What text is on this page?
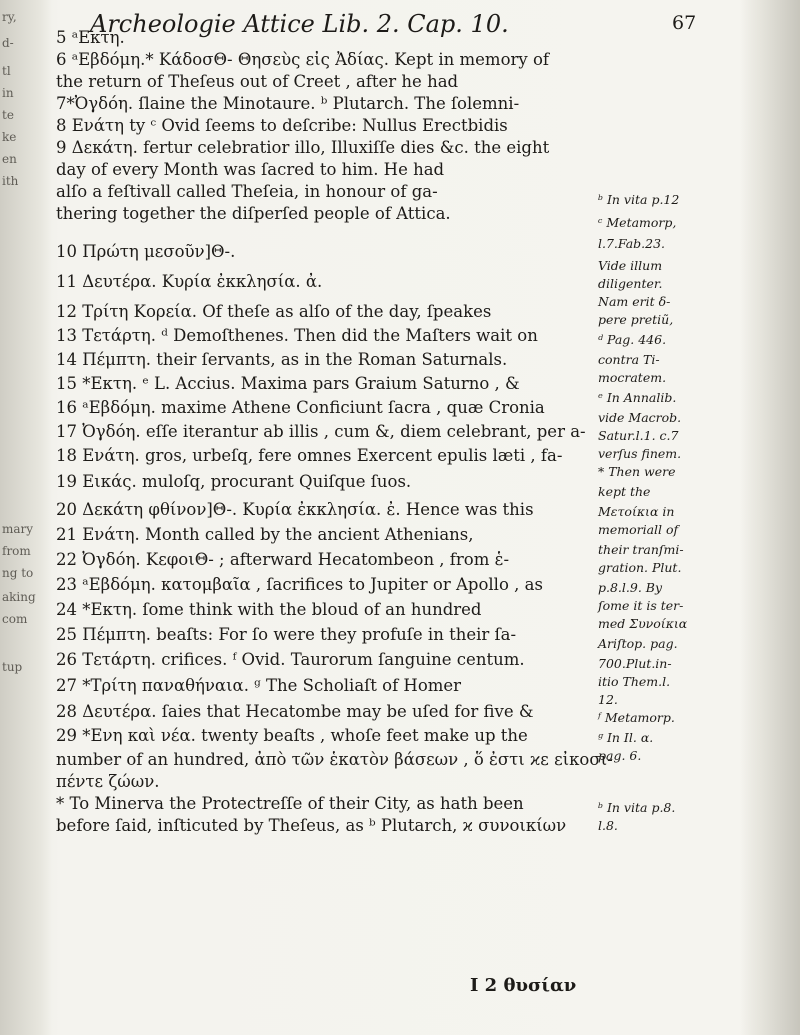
ry,
d-
tl
in
te
ke
en
ith
mary
from
ng to
aking
com
tup
Archeologie Attice Lib. 2. Cap. 10.	67
5 ᵃΕκτη.
6 ᵃΕβδόμη.* Κάδοσ⁠Θ- Θησεὺς εἰς Ἀδίας. Kept in memory of
the return of Theſeus out of Creet , after he had
7*Ὀγδόη. ſlaine the Minotaure. ᵇ Plutarch. The ſolemni-
8 Ενάτη ty ᶜ Ovid ſeems to deſcribe: Nullus Erectbidis
9 Δεκάτη. fertur celebratior illo, Illuxiſſe dies &c. the eight
day of every Month was ſacred to him. He had
alſo a feſtivall called Theſeia, in honour of ga-
thering together the diſperſed people of Attica.
10 Πρώτη μεσοῦν]Θ-.
11 Δ⁠ευτέρα. Κυρία ἐκκλησία. ἀ.
12 Τρίτη Κορεία. Of theſe as alſo of the day, ſpeakes
13 Τετάρτη. ᵈ Demoſthenes. Then did the Maſters wait on
14 Πέμπτη. their ſervants, as in the Roman Saturnals.
15 *Εκτη. ᵉ L. Accius. Maxima pars Graium Saturno , &
16 ᵃΕβδόμη. maxime Athene Conficiunt ſacra , quæ Cronia
17 Ὀγδόη. eſſe iterantur ab illis , cum &, diem celebrant, per a-
18 Ενάτη. gros, urbeſq, fere omnes Exercent epulis læti , fa-
19 Εικάς. muloſq, procurant Quiſque ſuos.
20 Δεκάτη φθίνον]Θ-. Κυρία ἐκκλησία. ἐ. Hence was this
21 Ενάτη. Month called by the ancient Athenians,
22 Ὀγδόη. Κεφοι⁠Θ- ; afterward Hecatombeon , from ἑ-
23 ᵃΕβδόμη. κατομβαῖα , ſacrifices to Jupiter or Apollo , as
24 *Εκτη. ſome think with the bloud of an hundred
25 Πέμπτη. beaſts: For ſo were they profuſe in their ſa-
26 Τετάρτη. crifices. ᶠ Ovid. Taurorum ſanguine centum.
27 *Τρίτη παναθήναια. ᵍ The Scholiaſt of Homer
28 Δευτέρα. ſaies that Hecatombe may be uſed for five &
29 *Ενη καὶ νέα. twenty beaſts , whoſe feet make up the
number of an hundred, ἀπὸ τῶν ἑκατὸν βάσεων , ὅ ἐστι ϰ⁠ε εἰκοσι-
πέντε ζώων.
* To Minerva the Protectreſſe of their City, as hath been
before ſaid, inſticuted by Theſeus, as ᵇ Plutarch, ϰ⁠ συνοικίων
ᵇ In vita p.12
ᶜ Metamorp,
l.7.Fab.23.
Vide illum
diligenter.
Nam erit δ-
pere pretiũ,
ᵈ Pag. 446.
contra Ti-
mocratem.
ᵉ In Annalib.
vide Macrob.
Satur.l.1. c.7
verſus finem.
* Then were
kept the
Μετοίκια in
memoriall of
their tranſmi-
gration. Plut.
p.8.l.9. By
ſome it is ter-
med Συνοίκια
Ariſtop. pag.
700.Plut.in-
itio Them.l.
12.
ᶠ Metamorp.
ᵍ In Il. α.
pag. 6.
ᵇ In vita p.8.
l.8.
I 2 θυσίαν
